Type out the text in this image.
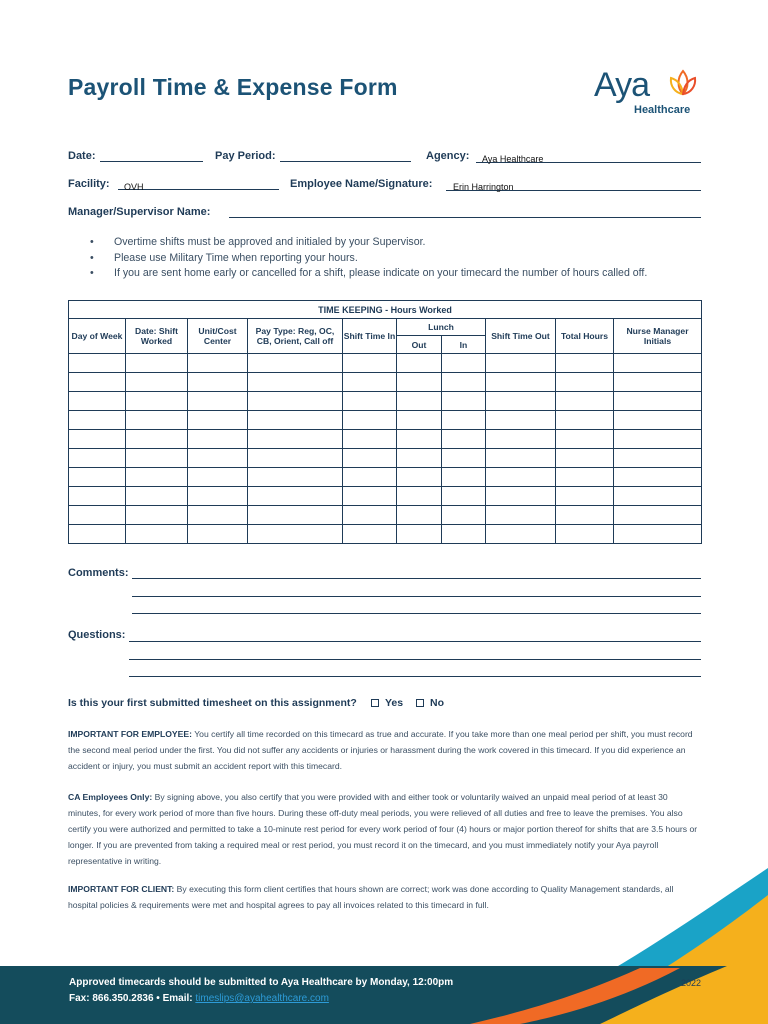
Payroll Time & Expense Form	Aya
Healthcare
Date:	Pay Period:	Agency: Aya Healthcare
Facility: OVH	Employee Name/Signature: Erin Harrington
Manager/Supervisor Name:
• Overtime shifts must be approved and initialed by your Supervisor.
• Please use Military Time when reporting your hours.
• If you are sent home early or cancelled for a shift, please indicate on your timecard the number of hours called off.
TIME KEEPING - Hours Worked									
Day of Week	Date: Shift Worked	Unit/Cost Center	Pay Type: Reg, OC, CB, Orient, Call off	Shift Time In	Lunch		Shift Time Out	Total Hours	Nurse Manager Initials
					Out	In			

Comments:
Questions:
Is this your first submitted timesheet on this assignment?	Yes	No
IMPORTANT FOR EMPLOYEE: You certify all time recorded on this timecard as true and accurate. If you take more than one meal period per shift, you must record the second meal period under the first. You did not suffer any accidents or injuries or harassment during the work covered in this timecard. If you did experience an accident or injury, you must submit an accident report with this timecard.
CA Employees Only: By signing above, you also certify that you were provided with and either took or voluntarily waived an unpaid meal period of at least 30 minutes, for every work period of more than five hours. During these off-duty meal periods, you were relieved of all duties and free to leave the premises. You also certify you were authorized and permitted to take a 10-minute rest period for every work period of four (4) hours or major portion thereof for shifts that are 3.5 hours or longer. If you are prevented from taking a required meal or rest period, you must record it on the timecard, and you must immediately notify your Aya payroll representative in writing.
IMPORTANT FOR CLIENT: By executing this form client certifies that hours shown are correct; work was done according to Quality Management standards, all hospital policies & requirements were met and hospital agrees to pay all invoices related to this timecard in full.
Approved timecards should be submitted to Aya Healthcare by Monday, 12:00pm
Fax: 866.350.2836 • Email: timeslips@ayahealthcare.com
2022
